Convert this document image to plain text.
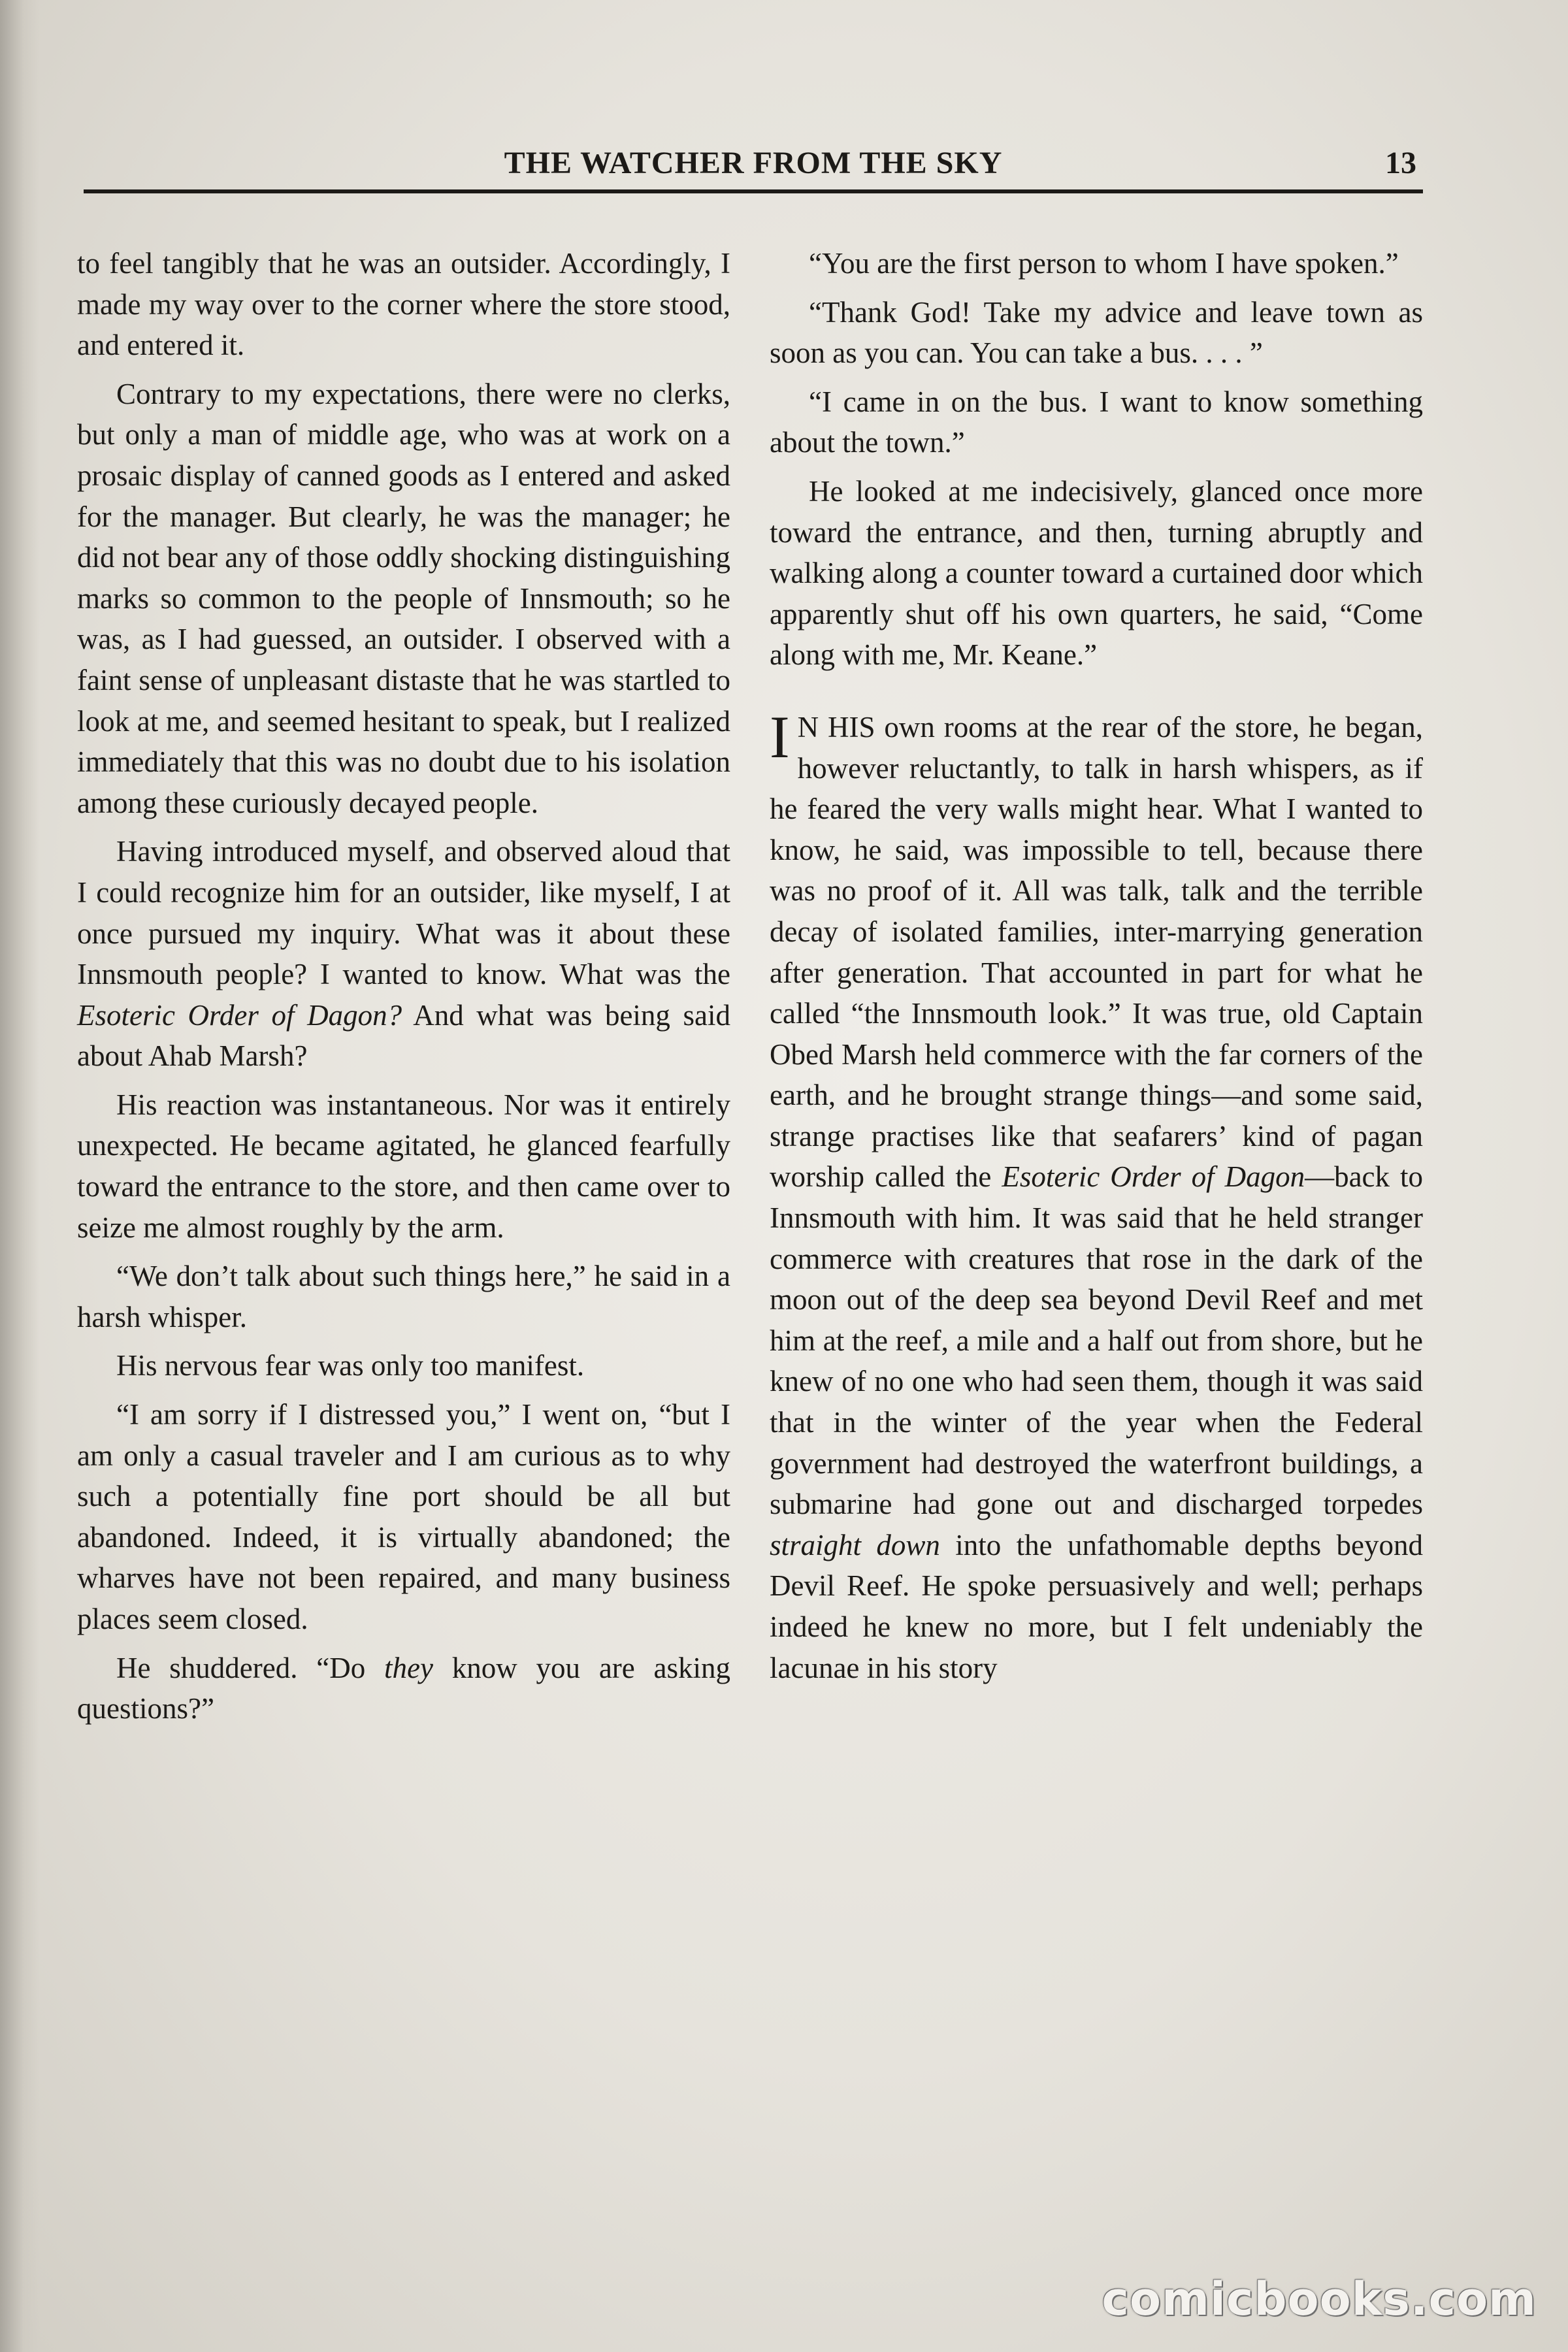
THE WATCHER FROM THE SKY	13

to feel tangibly that he was an outsider. Accordingly, I made my way over to the corner where the store stood, and entered it.

Contrary to my expectations, there were no clerks, but only a man of middle age, who was at work on a prosaic display of canned goods as I entered and asked for the manager. But clearly, he was the manager; he did not bear any of those oddly shocking distinguishing marks so common to the people of Innsmouth; so he was, as I had guessed, an outsider. I observed with a faint sense of unpleasant distaste that he was startled to look at me, and seemed hesitant to speak, but I realized immediately that this was no doubt due to his isolation among these curiously decayed people.

Having introduced myself, and observed aloud that I could recognize him for an outsider, like myself, I at once pursued my inquiry. What was it about these Innsmouth people? I wanted to know. What was the Esoteric Order of Dagon? And what was being said about Ahab Marsh?

His reaction was instantaneous. Nor was it entirely unexpected. He became agitated, he glanced fearfully toward the entrance to the store, and then came over to seize me almost roughly by the arm.

“We don’t talk about such things here,” he said in a harsh whisper.

His nervous fear was only too manifest.

“I am sorry if I distressed you,” I went on, “but I am only a casual traveler and I am curious as to why such a potentially fine port should be all but abandoned. Indeed, it is virtually abandoned; the wharves have not been repaired, and many business places seem closed.

He shuddered. “Do they know you are asking questions?”

“You are the first person to whom I have spoken.”

“Thank God! Take my advice and leave town as soon as you can. You can take a bus. . . . ”

“I came in on the bus. I want to know something about the town.”

He looked at me indecisively, glanced once more toward the entrance, and then, turning abruptly and walking along a counter toward a curtained door which apparently shut off his own quarters, he said, “Come along with me, Mr. Keane.”

I N HIS own rooms at the rear of the store, he began, however reluctantly, to talk in harsh whispers, as if he feared the very walls might hear. What I wanted to know, he said, was impossible to tell, because there was no proof of it. All was talk, talk and the terrible decay of isolated families, inter-marrying generation after generation. That accounted in part for what he called “the Innsmouth look.” It was true, old Captain Obed Marsh held commerce with the far corners of the earth, and he brought strange things—and some said, strange practises like that seafarers’ kind of pagan worship called the Esoteric Order of Dagon—back to Innsmouth with him. It was said that he held stranger commerce with creatures that rose in the dark of the moon out of the deep sea beyond Devil Reef and met him at the reef, a mile and a half out from shore, but he knew of no one who had seen them, though it was said that in the winter of the year when the Federal government had destroyed the waterfront buildings, a submarine had gone out and discharged torpedes straight down into the unfathomable depths beyond Devil Reef. He spoke persuasively and well; perhaps indeed he knew no more, but I felt undeniably the lacunae in his story

comicbooks.com
